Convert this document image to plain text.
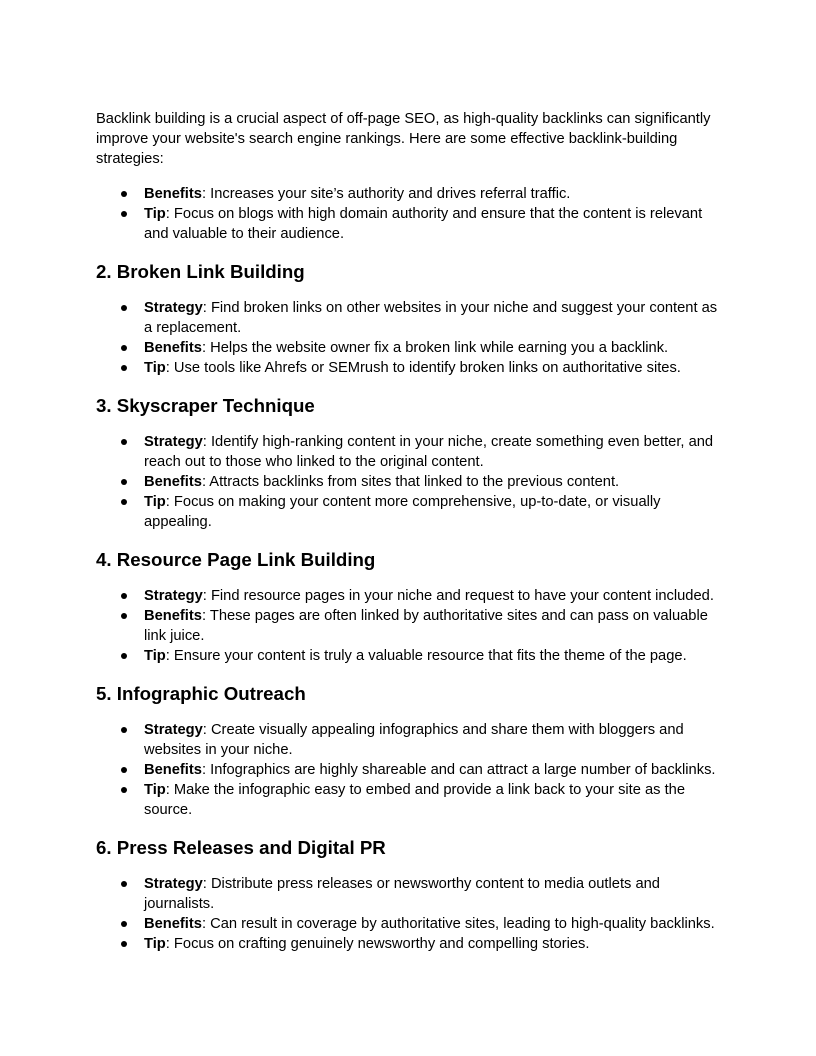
Backlink building is a crucial aspect of off-page SEO, as high-quality backlinks can significantly improve your website's search engine rankings. Here are some effective backlink-building strategies:

Benefits: Increases your site’s authority and drives referral traffic.
Tip: Focus on blogs with high domain authority and ensure that the content is relevant and valuable to their audience.
2. Broken Link Building
Strategy: Find broken links on other websites in your niche and suggest your content as a replacement.
Benefits: Helps the website owner fix a broken link while earning you a backlink.
Tip: Use tools like Ahrefs or SEMrush to identify broken links on authoritative sites.
3. Skyscraper Technique
Strategy: Identify high-ranking content in your niche, create something even better, and reach out to those who linked to the original content.
Benefits: Attracts backlinks from sites that linked to the previous content.
Tip: Focus on making your content more comprehensive, up-to-date, or visually appealing.
4. Resource Page Link Building
Strategy: Find resource pages in your niche and request to have your content included.
Benefits: These pages are often linked by authoritative sites and can pass on valuable link juice.
Tip: Ensure your content is truly a valuable resource that fits the theme of the page.
5. Infographic Outreach
Strategy: Create visually appealing infographics and share them with bloggers and websites in your niche.
Benefits: Infographics are highly shareable and can attract a large number of backlinks.
Tip: Make the infographic easy to embed and provide a link back to your site as the source.
6. Press Releases and Digital PR
Strategy: Distribute press releases or newsworthy content to media outlets and journalists.
Benefits: Can result in coverage by authoritative sites, leading to high-quality backlinks.
Tip: Focus on crafting genuinely newsworthy and compelling stories.
